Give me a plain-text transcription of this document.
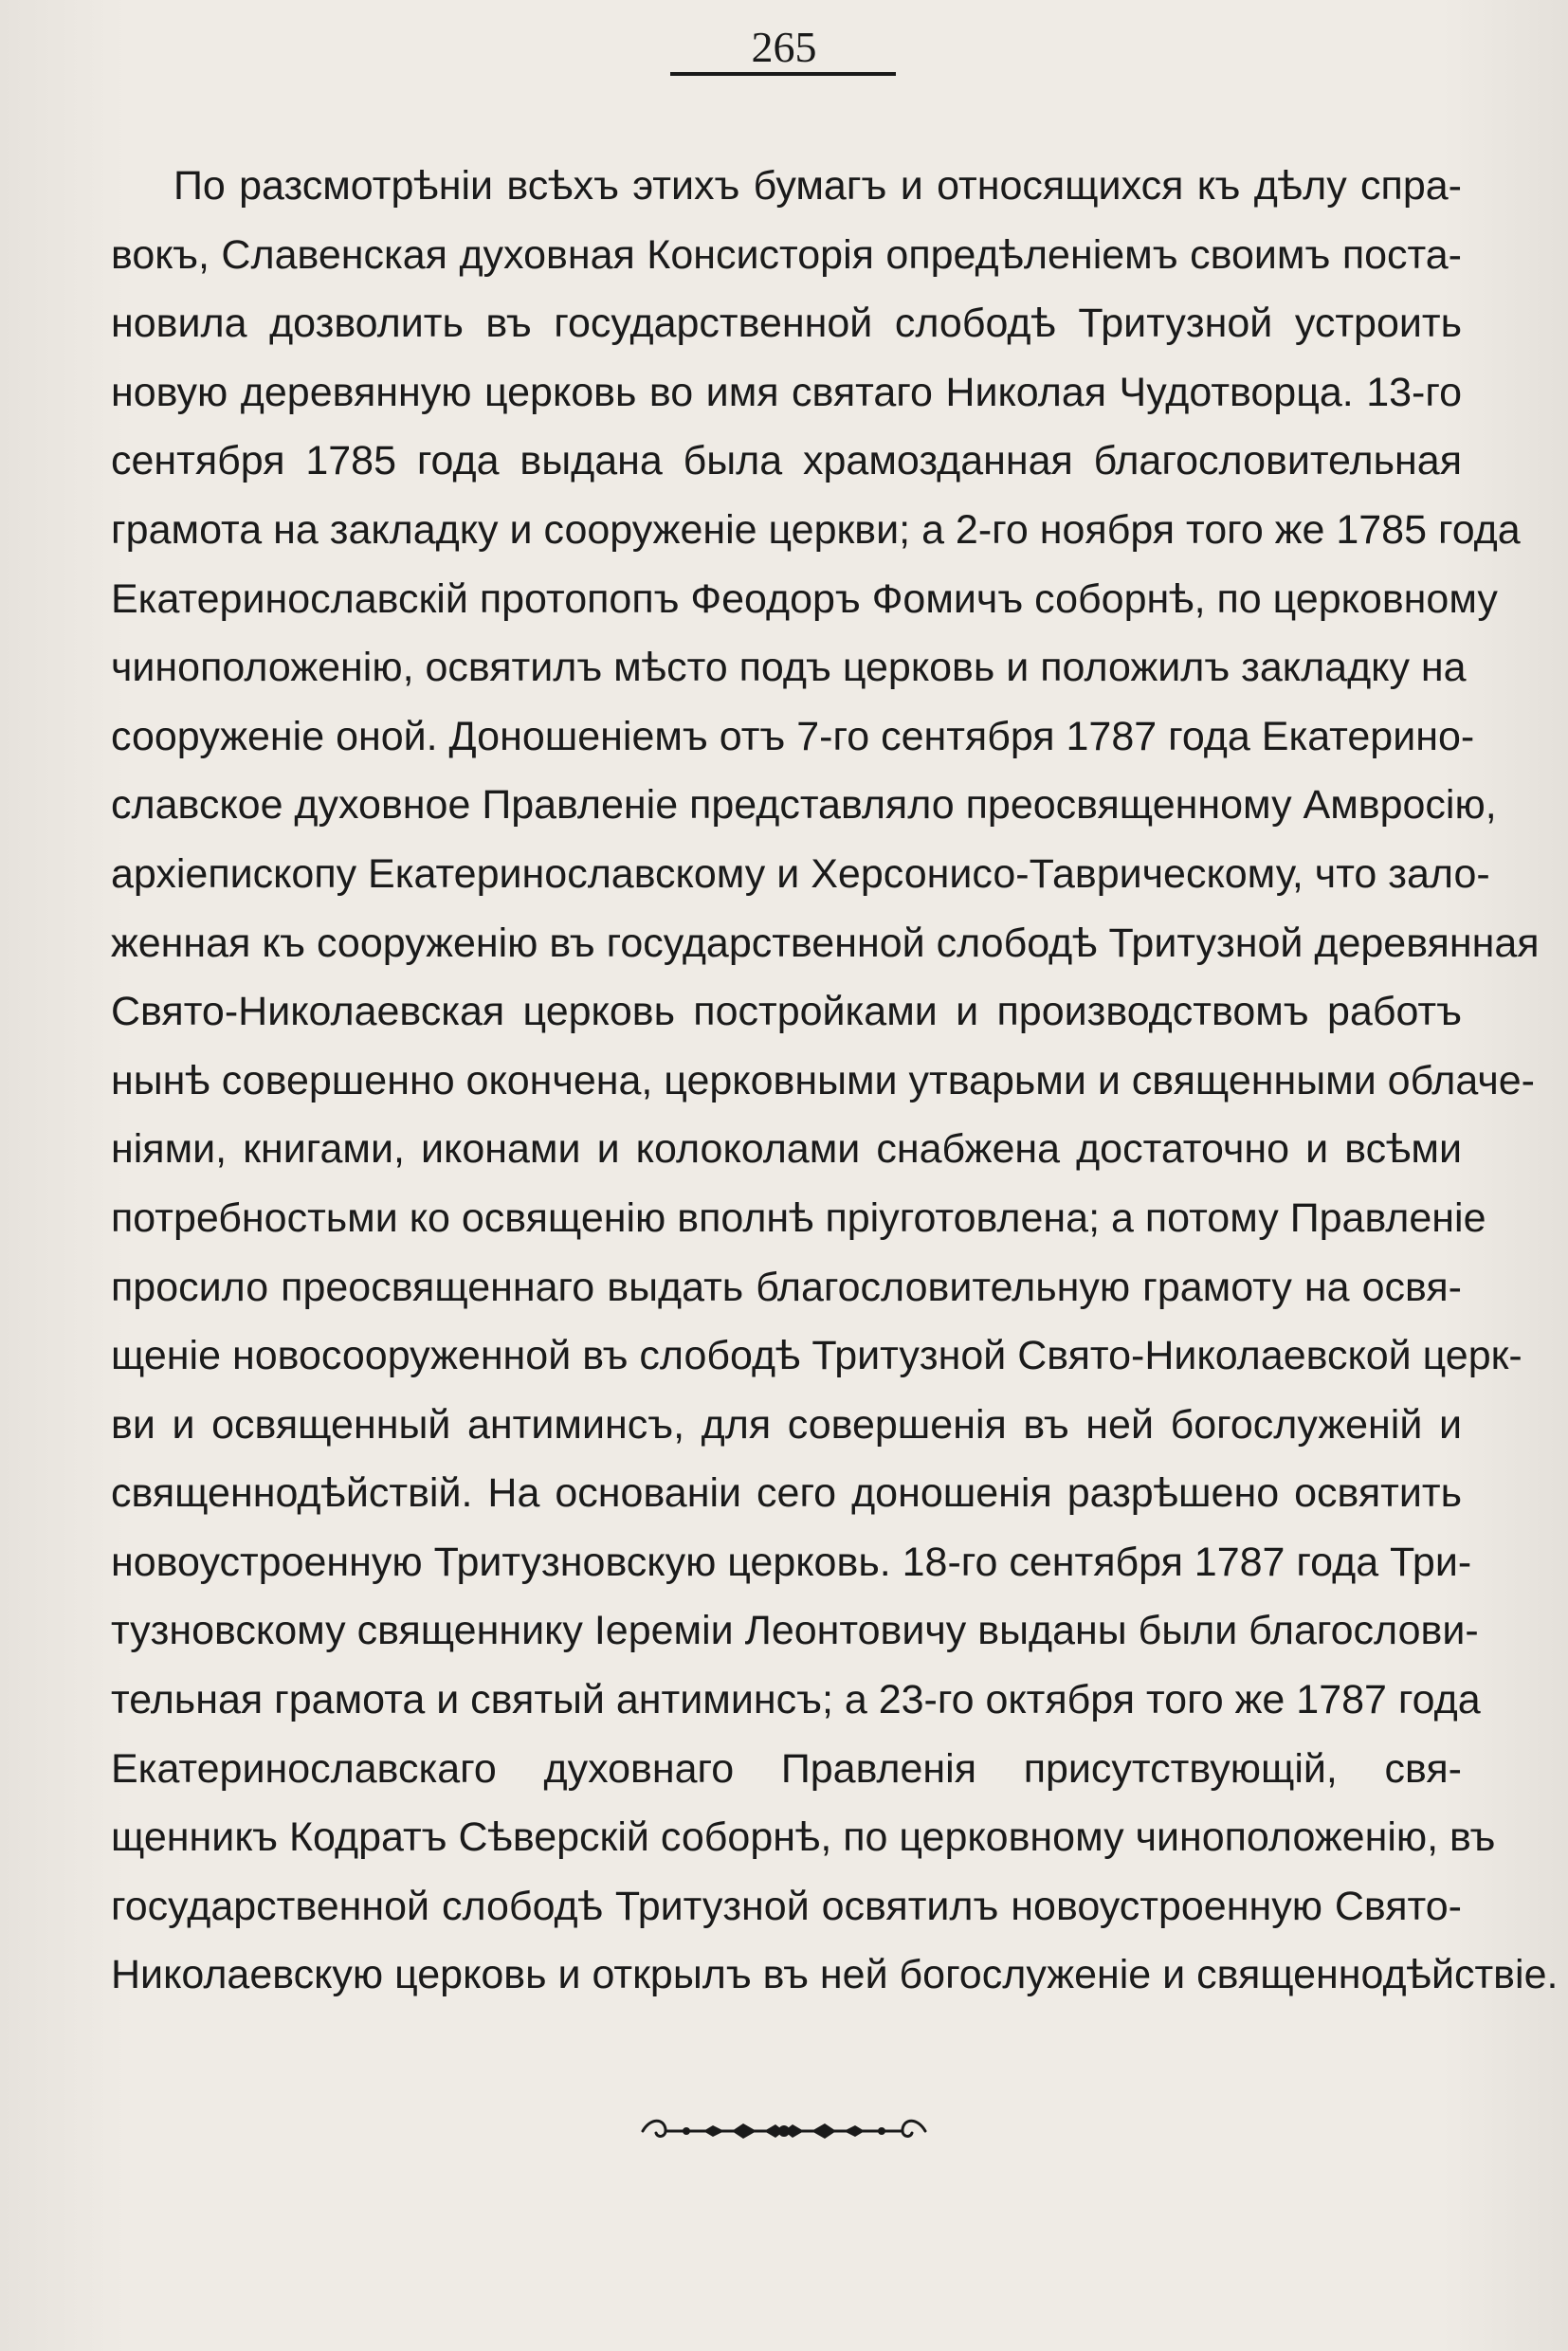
265
По разсмотрѣніи всѣхъ этихъ бумагъ и относящихся къ дѣлу спра-
вокъ, Славенская духовная Консисторія опредѣленіемъ своимъ поста-
новила дозволить въ государственной слободѣ Тритузной устроить
новую деревянную церковь во имя святаго Николая Чудотворца. 13-го
сентября 1785 года выдана была храмозданная благословительная
грамота на закладку и сооруженіе церкви; а 2-го ноября того же 1785 года
Екатеринославскій протопопъ Феодоръ Фомичъ соборнѣ, по церковному
чиноположенію, освятилъ мѣсто подъ церковь и положилъ закладку на
сооруженіе оной. Доношеніемъ отъ 7-го сентября 1787 года Екатерино-
славское духовное Правленіе представляло преосвященному Амвросію,
архіепископу Екатеринославскому и Херсонисо-Таврическому, что зало-
женная къ сооруженію въ государственной слободѣ Тритузной деревянная
Свято-Николаевская церковь постройками и производствомъ работъ
нынѣ совершенно окончена, церковными утварьми и священными облаче-
ніями, книгами, иконами и колоколами снабжена достаточно и всѣми
потребностьми ко освященію вполнѣ пріуготовлена; а потому Правленіе
просило преосвященнаго выдать благословительную грамоту на освя-
щеніе новосооруженной въ слободѣ Тритузной Свято-Николаевской церк-
ви и освященный антиминсъ, для совершенія въ ней богослуженій и
священнодѣйствій. На основаніи сего доношенія разрѣшено освятить
новоустроенную Тритузновскую церковь. 18-го сентября 1787 года Три-
тузновскому священнику Іереміи Леонтовичу выданы были благослови-
тельная грамота и святый антиминсъ; а 23-го октября того же 1787 года
Екатеринославскаго духовнаго Правленія присутствующій, свя-
щенникъ Кодратъ Сѣверскій соборнѣ, по церковному чиноположенію, въ
государственной слободѣ Тритузной освятилъ новоустроенную Свято-
Николаевскую церковь и открылъ въ ней богослуженіе и священнодѣйствіе.
